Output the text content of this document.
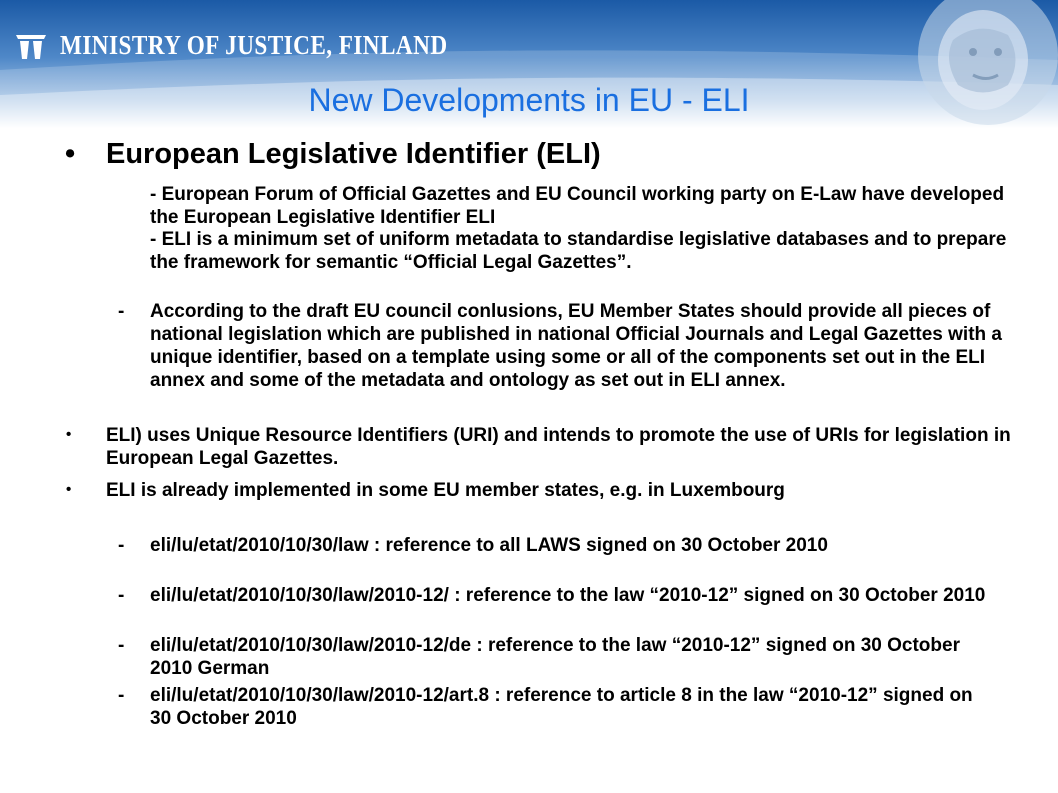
MINISTRY OF JUSTICE, FINLAND
New Developments in EU - ELI
• European Legislative Identifier (ELI)
- European Forum of Official Gazettes and EU Council working party on E-Law have developed the European Legislative Identifier ELI
- ELI is a minimum set of uniform metadata to standardise legislative databases and to prepare the framework for semantic “Official Legal Gazettes”.
- According to the draft EU council conlusions, EU Member States should provide all pieces of national legislation which are published in national Official Journals and Legal Gazettes with a unique identifier, based on a template using some or all of the components set out in the ELI annex and some of the metadata and ontology as set out in ELI annex.
• ELI) uses Unique Resource Identifiers (URI) and intends to promote the use of URIs for legislation in European Legal Gazettes.
• ELI is already implemented in some EU member states, e.g. in Luxembourg
- eli/lu/etat/2010/10/30/law : reference to all LAWS signed on 30 October 2010
- eli/lu/etat/2010/10/30/law/2010-12/ : reference to the law “2010-12” signed on 30 October 2010
- eli/lu/etat/2010/10/30/law/2010-12/de : reference to the law “2010-12” signed on 30 October 2010 German
- eli/lu/etat/2010/10/30/law/2010-12/art.8 : reference to article 8 in the law “2010-12” signed on 30 October 2010
